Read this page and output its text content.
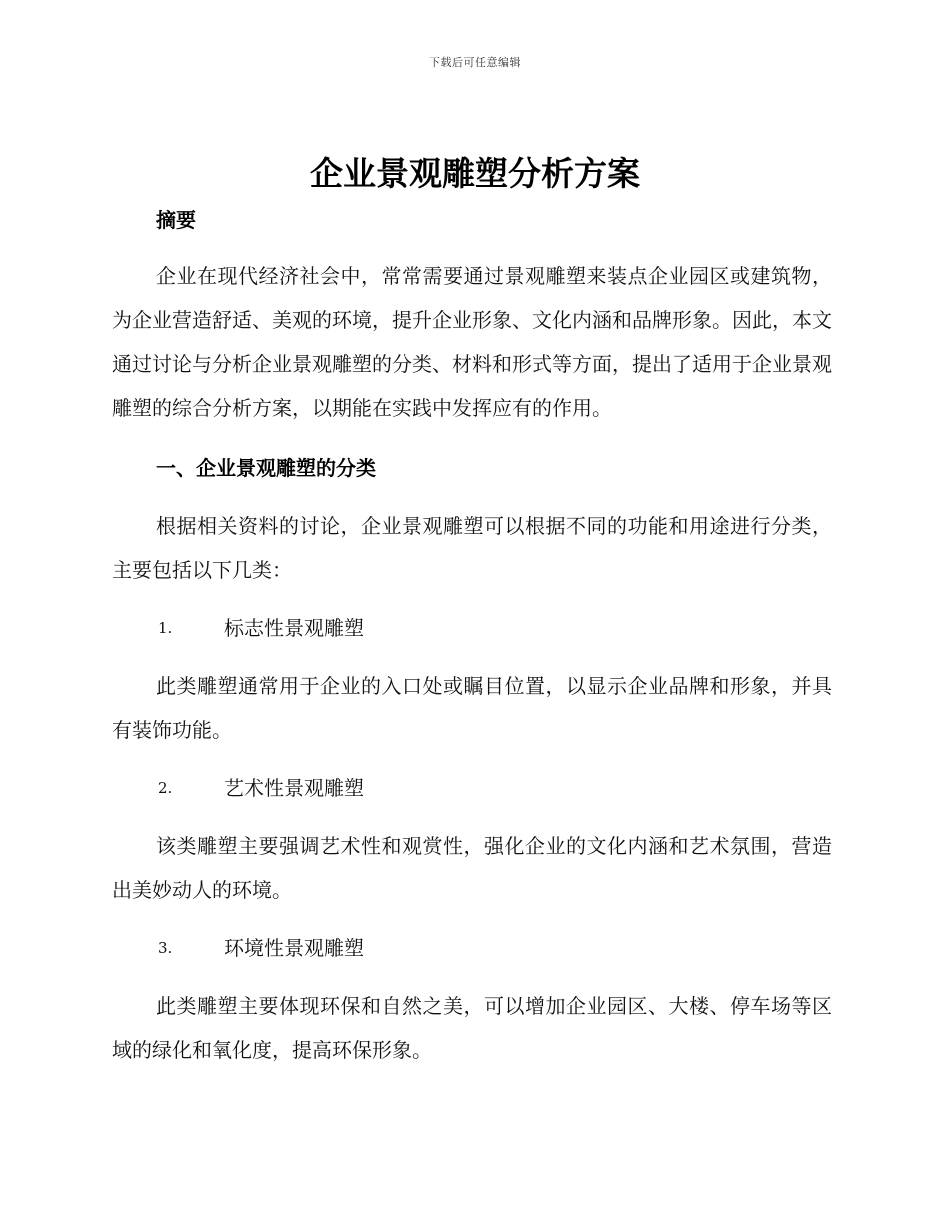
下载后可任意编辑
企业景观雕塑分析方案
摘要

企业在现代经济社会中，常常需要通过景观雕塑来装点企业园区或建筑物，为企业营造舒适、美观的环境，提升企业形象、文化内涵和品牌形象。因此，本文通过讨论与分析企业景观雕塑的分类、材料和形式等方面，提出了适用于企业景观雕塑的综合分析方案，以期能在实践中发挥应有的作用。

一、企业景观雕塑的分类

根据相关资料的讨论，企业景观雕塑可以根据不同的功能和用途进行分类，主要包括以下几类：

1.	标志性景观雕塑

此类雕塑通常用于企业的入口处或瞩目位置，以显示企业品牌和形象，并具有装饰功能。

2.	艺术性景观雕塑

该类雕塑主要强调艺术性和观赏性，强化企业的文化内涵和艺术氛围，营造出美妙动人的环境。

3.	环境性景观雕塑

此类雕塑主要体现环保和自然之美，可以增加企业园区、大楼、停车场等区域的绿化和氧化度，提高环保形象。
